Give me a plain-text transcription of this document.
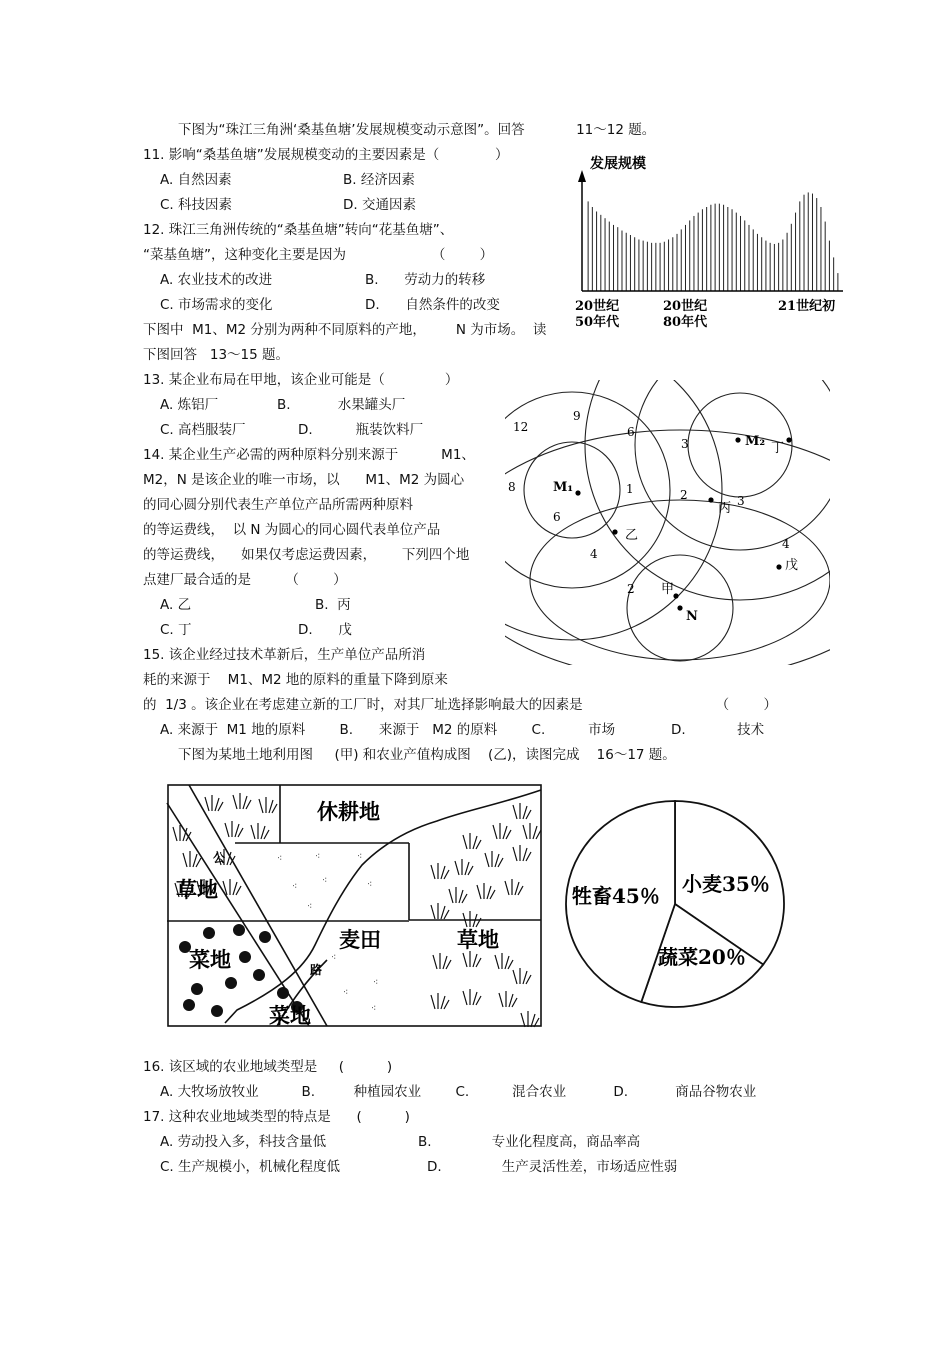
下图为“珠江三角洲‘桑基鱼塘’发展规模变动示意图”。回答            11～12 题。
11. 影响“桑基鱼塘”发展规模变动的主要因素是（             ）
A. 自然因素	B. 经济因素
C. 科技因素	D. 交通因素
12. 珠江三角洲传统的“桑基鱼塘”转向“花基鱼塘”、
“菜基鱼塘”，这种变化主要是因为                    （        ）
A. 农业技术的改进	B.      劳动力的转移
C. 市场需求的变化	D.      自然条件的改变
下图中  M1、M2 分别为两种不同原料的产地，       N 为市场。  读
下图回答   13～15 题。
13. 某企业布局在甲地，该企业可能是（              ）
A. 炼铝厂	B.           水果罐头厂
C. 高档服装厂	D.          瓶装饮料厂
14. 某企业生产必需的两种原料分别来源于          M1、
M2，N 是该企业的唯一市场，以      M1、M2 为圆心
的同心圆分别代表生产单位产品所需两种原料
的等运费线，  以 N 为圆心的同心圆代表单位产品
的等运费线，    如果仅考虑运费因素，      下列四个地
点建厂最合适的是        （        ）
A. 乙	B.  丙
C. 丁	D.      戊
15. 该企业经过技术革新后，生产单位产品所消
耗的来源于    M1、M2 地的原料的重量下降到原来
的  1/3 。该企业在考虑建立新的工厂时，对其厂址选择影响最大的因素是                               （        ）
A. 来源于  M1 地的原料        B.      来源于   M2 的原料        C.          市场             D.            技术
下图为某地土地利用图     (甲) 和农业产值构成图    (乙)，读图完成    16～17 题。
16. 该区域的农业地域类型是     (          )
A. 大牧场放牧业          B.         种植园农业        C.          混合农业           D.           商品谷物农业
17. 这种农业地域类型的特点是      (          )
A. 劳动投入多，科技含量低	B.              专业化程度高，商品率高
C. 生产规模小，机械化程度低	D.              生产灵活性差，市场适应性弱
发展规模
20世纪
50年代
20世纪
80年代
21世纪初
12
9
6
8
6
4
1	2
4
2
3
3
M₁
M₂
N
甲
乙
丙
丁
戊
⁖	⁖	⁖
⁖
⁖	⁖
⁖
⁖
⁖
⁖
⁖
休耕地
公
草地
菜地
麦田	草地
路
菜地
小麦35％
蔬菜20％
牲畜45％
